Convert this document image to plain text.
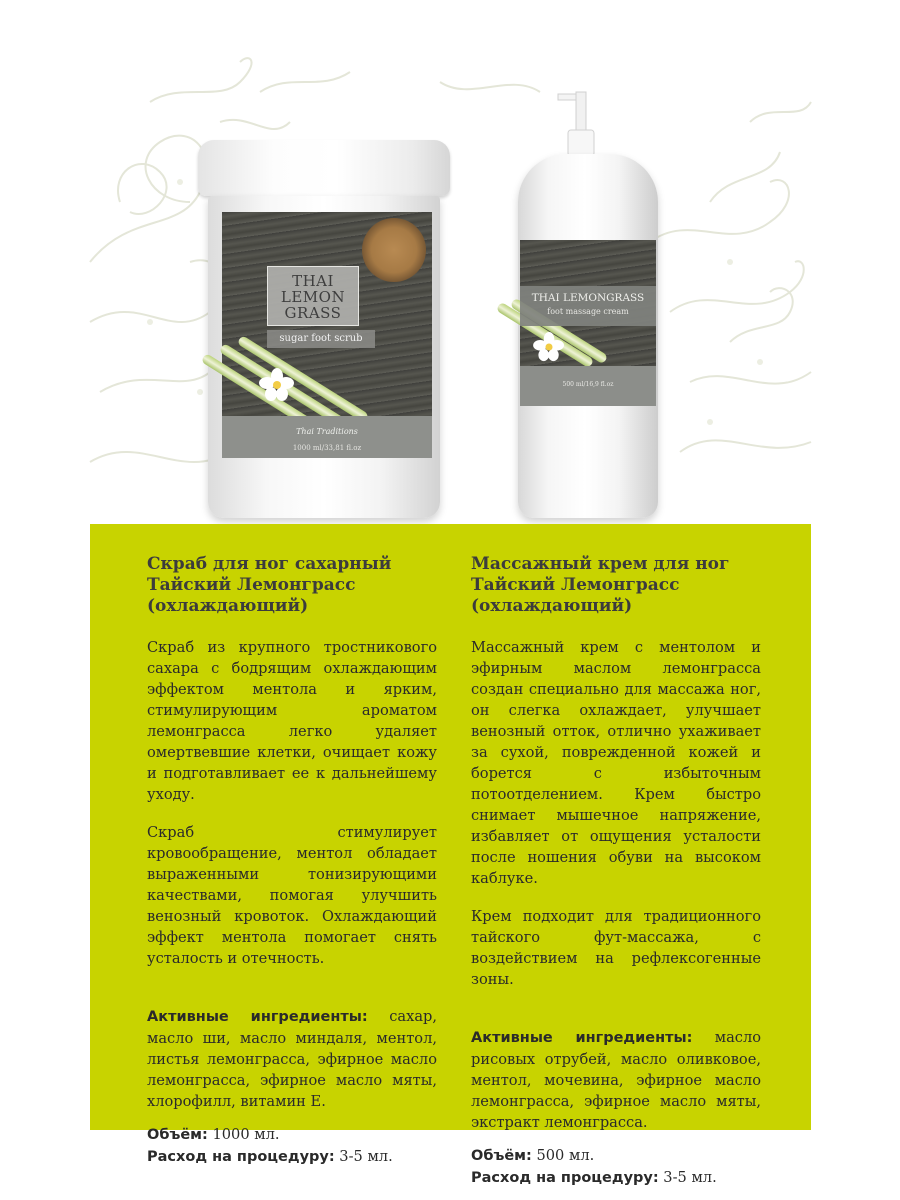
THAI
LEMON
GRASS
sugar foot scrub
Thai Traditions
1000 ml/33,81 fl.oz
THAI LEMONGRASS
foot massage cream
500 ml/16,9 fl.oz
Скраб для ног сахарный
Тайский Лемонграсс
(охлаждающий)

Скраб из крупного тростникового сахара с бодрящим охлаждающим эффектом ментола и ярким, стимулирующим ароматом лемонграсса легко удаляет омертвевшие клетки, очищает кожу и подготавливает ее к дальнейшему уходу.

Скраб стимулирует кровообращение, ментол обладает выраженными тонизирующими качествами, помогая улучшить венозный кровоток. Охлаждающий эффект ментола помогает снять усталость и отечность.

Активные ингредиенты: сахар, масло ши, масло миндаля, ментол, листья лемонграсса, эфирное масло лемонграсса, эфирное масло мяты, хлорофилл, витамин Е.

Объём: 1000 мл.
Расход на процедуру: 3-5 мл.
Массажный крем для ног
Тайский Лемонграсс
(охлаждающий)

Массажный крем с ментолом и эфирным маслом лемонграсса создан специально для массажа ног, он слегка охлаждает, улучшает венозный отток, отлично ухаживает за сухой, поврежденной кожей и борется с избыточным потоотделением. Крем быстро снимает мышечное напряжение, избавляет от ощущения усталости после ношения обуви на высоком каблуке.

Крем подходит для традиционного тайского фут-массажа, с воздействием на рефлексогенные зоны.

Активные ингредиенты: масло рисовых отрубей, масло оливковое, ментол, мочевина, эфирное масло лемонграсса, эфирное масло мяты, экстракт лемонграсса.

Объём: 500 мл.
Расход на процедуру: 3-5 мл.
